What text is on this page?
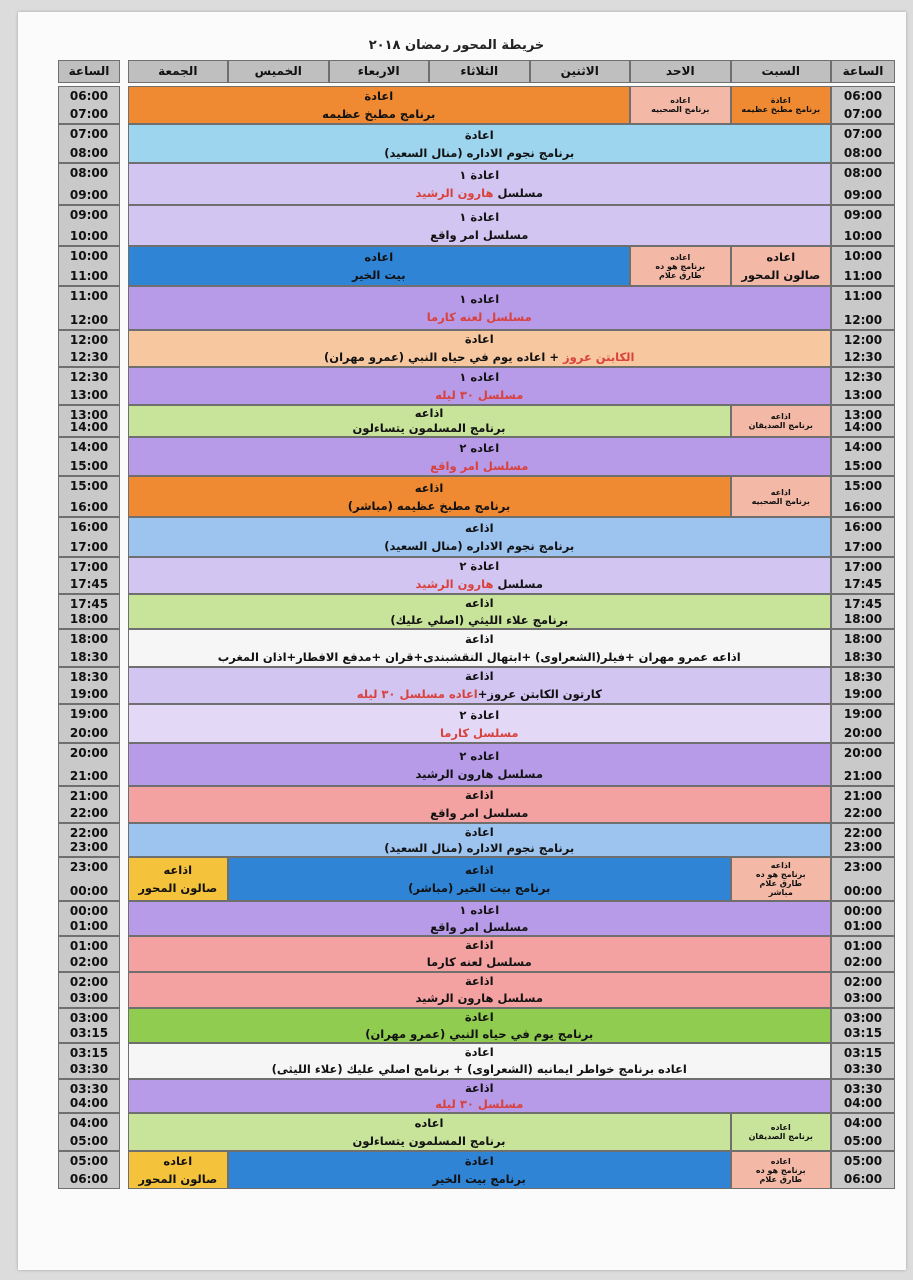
خريطة المحور رمضان ٢٠١٨
الساعة
السبت
الاحد
الاثنين
الثلاثاء
الاربعاء
الخميس
الجمعة
الساعة
06:00
07:00
06:00
07:00
اعادة
برنامج مطبخ عظيمه
اعاده
برنامج الصحبيه
اعادة
برنامج مطبخ عظيمه
07:00
08:00
07:00
08:00
اعادة
برنامج نجوم الاداره (منال السعيد)
08:00
09:00
08:00
09:00
اعادة ١
مسلسل هارون الرشيد
09:00
10:00
09:00
10:00
اعادة ١
مسلسل امر واقع
10:00
11:00
10:00
11:00
اعاده
صالون المحور
اعاده
برنامج هو ده
طارق علام
اعاده
بيت الخير
11:00
12:00
11:00
12:00
اعاده ١
مسلسل لعنه كارما
12:00
12:30
12:00
12:30
اعادة
الكابتن عروز + اعاده يوم في حياه النبي (عمرو مهران)
12:30
13:00
12:30
13:00
اعاده ١
مسلسل ٣٠ ليله
13:00
14:00
13:00
14:00
اذاعه
برنامج الصديقان
اذاعه
برنامج المسلمون يتساءلون
14:00
15:00
14:00
15:00
اعاده ٢
مسلسل امر واقع
15:00
16:00
15:00
16:00
اذاعه
برنامج الصحبيه
اذاعه
برنامج مطبخ عظيمه (مباشر)
16:00
17:00
16:00
17:00
اذاعه
برنامج نجوم الاداره (منال السعيد)
17:00
17:45
17:00
17:45
اعادة ٢
مسلسل هارون الرشيد
17:45
18:00
17:45
18:00
اذاعه
برنامج علاء الليثي (اصلي عليك)
18:00
18:30
18:00
18:30
اذاعة
اذاعه عمرو مهران +فيلر(الشعراوى) +ابتهال النقشبندى+قران +مدفع الافطار+اذان المغرب
18:30
19:00
18:30
19:00
اذاعة
كارتون الكابتن عروز+اعاده مسلسل ٣٠ ليله
19:00
20:00
19:00
20:00
اعادة ٢
مسلسل كارما
20:00
21:00
20:00
21:00
اعاده ٢
مسلسل هارون الرشيد
21:00
22:00
21:00
22:00
اذاعة
مسلسل امر واقع
22:00
23:00
22:00
23:00
اعادة
برنامج نجوم الاداره (منال السعيد)
23:00
00:00
23:00
00:00
اذاعه
برنامج هو ده
طارق علام
مباشر
اذاعه
برنامج بيت الخير (مباشر)
اذاعه
صالون المحور
00:00
01:00
00:00
01:00
اعاده ١
مسلسل امر واقع
01:00
02:00
01:00
02:00
اذاعة
مسلسل لعنه كارما
02:00
03:00
02:00
03:00
اذاعة
مسلسل هارون الرشيد
03:00
03:15
03:00
03:15
اعادة
برنامج يوم في حياه النبي (عمرو مهران)
03:15
03:30
03:15
03:30
اعادة
اعاده برنامج خواطر ايمانيه (الشعراوى) + برنامج اصلي عليك (علاء الليثى)
03:30
04:00
03:30
04:00
اذاعة
مسلسل ٣٠ ليله
04:00
05:00
04:00
05:00
اعاده
برنامج الصديقان
اعاده
برنامج المسلمون يتساءلون
05:00
06:00
05:00
06:00
اعاده
برنامج هو ده
طارق علام
اعادة
برنامج بيت الخير
اعاده
صالون المحور
